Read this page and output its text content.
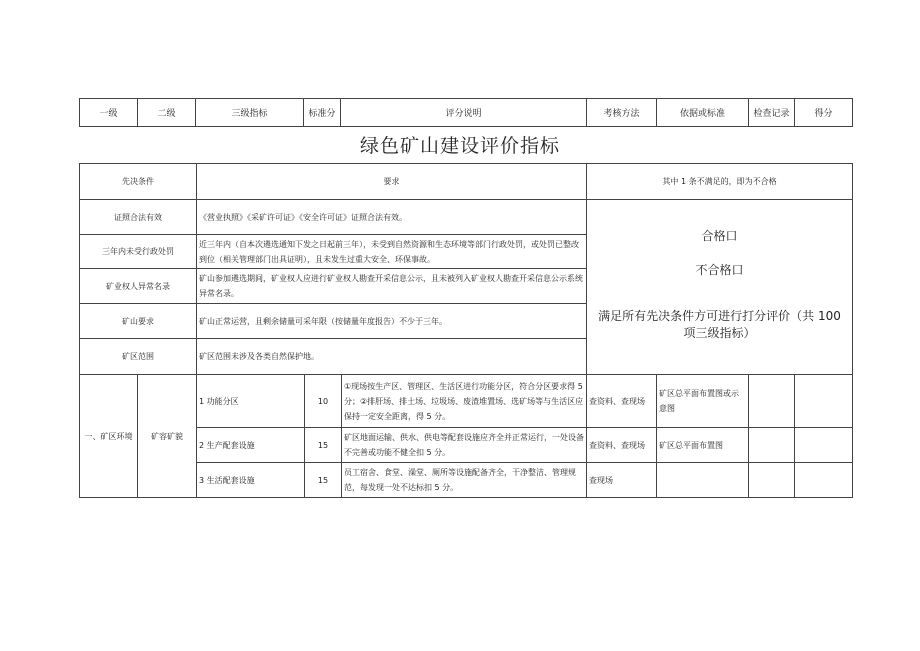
一级	二级	三级指标	标准分	评分说明	考核方法	依据或标准	检查记录	得分
绿色矿山建设评价指标
先决条件		要求			其中 1 条不满足的，即为不合格			
证照合法有效		《营业执照》《采矿许可证》《安全许可证》证照合法有效。			合格口
不合格口
满足所有先决条件方可进行打分评价（共 100 项三级指标）			

三年内未受行政处罚		近三年内（自本次遴选通知下发之日起前三年），未受到自然资源和生态环境等部门行政处罚，或处罚已整改到位（相关管理部门出具证明），且未发生过重大安全、环保事故。						
矿业权人异常名录		矿山参加遴选期间，矿业权人应进行矿业权人勘查开采信息公示，且未被列入矿业权人勘查开采信息公示系统异常名录。						
矿山要求		矿山正常运营，且剩余储量可采年限（按储量年度报告）不少于三年。						
矿区范围		矿区范围未涉及各类自然保护地。						
一、矿区环境	矿容矿貌	1 功能分区	10	①现场按生产区、管理区、生活区进行功能分区，符合分区要求得 5 分；②排肝场、排土场、垃圾场、废渣堆置场、选矿场等与生活区应保持一定安全距离，得 5 分。	查资料、查现场	矿区总平面布置图或示意图		
		2 生产配套设施	15	矿区地面运输、供水、供电等配套设施应齐全并正常运行，一处设备不完善或功能不健全扣 5 分。	查资料、查现场	矿区总平面布置图		
		3 生活配套设施	15	员工宿舍、食堂、澡堂、厕所等设施配备齐全，干净整洁、管理规范，每发现一处不达标扣 5 分。	查现场			
